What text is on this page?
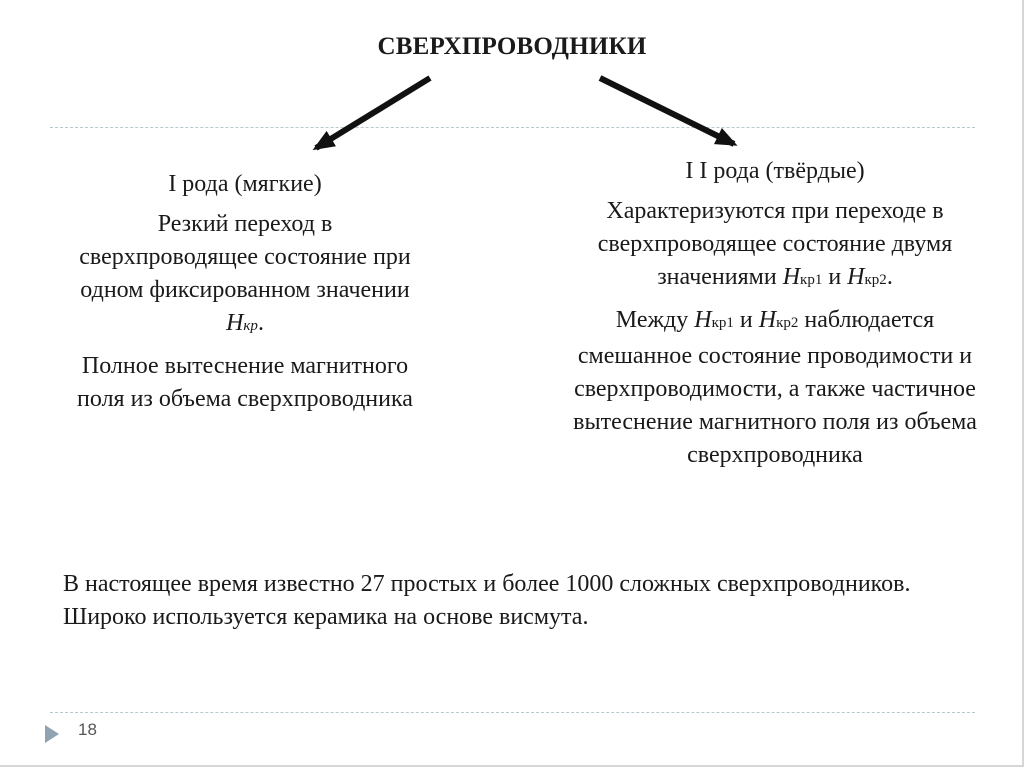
СВЕРХПРОВОДНИКИ

I рода (мягкие)

Резкий переход в

сверхпроводящее состояние при

одном фиксированном значении

Hкр.

Полное вытеснение магнитного

поля из объема сверхпроводника

I I рода (твёрдые)

Характеризуются при переходе в

сверхпроводящее состояние двумя

значениями Hкр1 и Hкр2.

Между Hкр1 и Hкр2 наблюдается

смешанное состояние проводимости и

сверхпроводимости, а также частичное

вытеснение магнитного поля из объема

сверхпроводника

В настоящее время известно 27 простых и более 1000 сложных сверхпроводников.

Широко используется керамика на основе висмута.

18
